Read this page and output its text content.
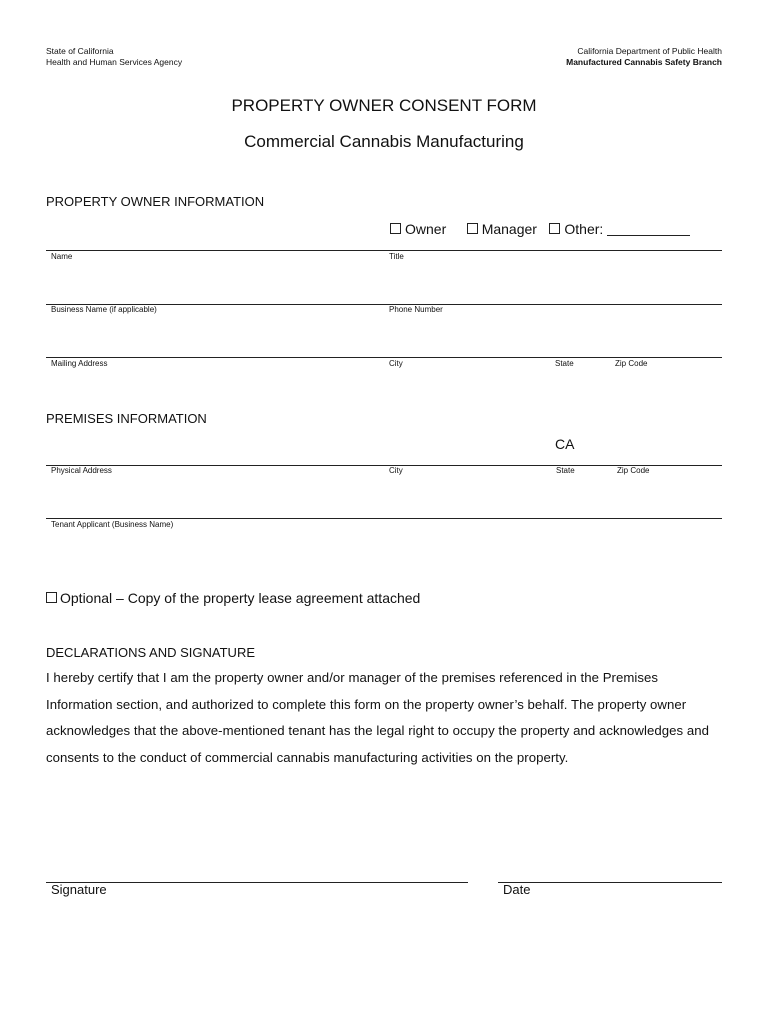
State of California
Health and Human Services Agency
California Department of Public Health
Manufactured Cannabis Safety Branch
PROPERTY OWNER CONSENT FORM
Commercial Cannabis Manufacturing
PROPERTY OWNER INFORMATION
Owner	Manager Other:
Name	Title
Business Name (if applicable)	Phone Number
Mailing Address	City	State	Zip Code
PREMISES INFORMATION
CA
Physical Address	City	State	Zip Code
Tenant Applicant (Business Name)
Optional – Copy of the property lease agreement attached
DECLARATIONS AND SIGNATURE
I hereby certify that I am the property owner and/or manager of the premises referenced in the Premises Information section, and authorized to complete this form on the property owner’s behalf. The property owner acknowledges that the above-mentioned tenant has the legal right to occupy the property and acknowledges and consents to the conduct of commercial cannabis manufacturing activities on the property.
Signature	Date
